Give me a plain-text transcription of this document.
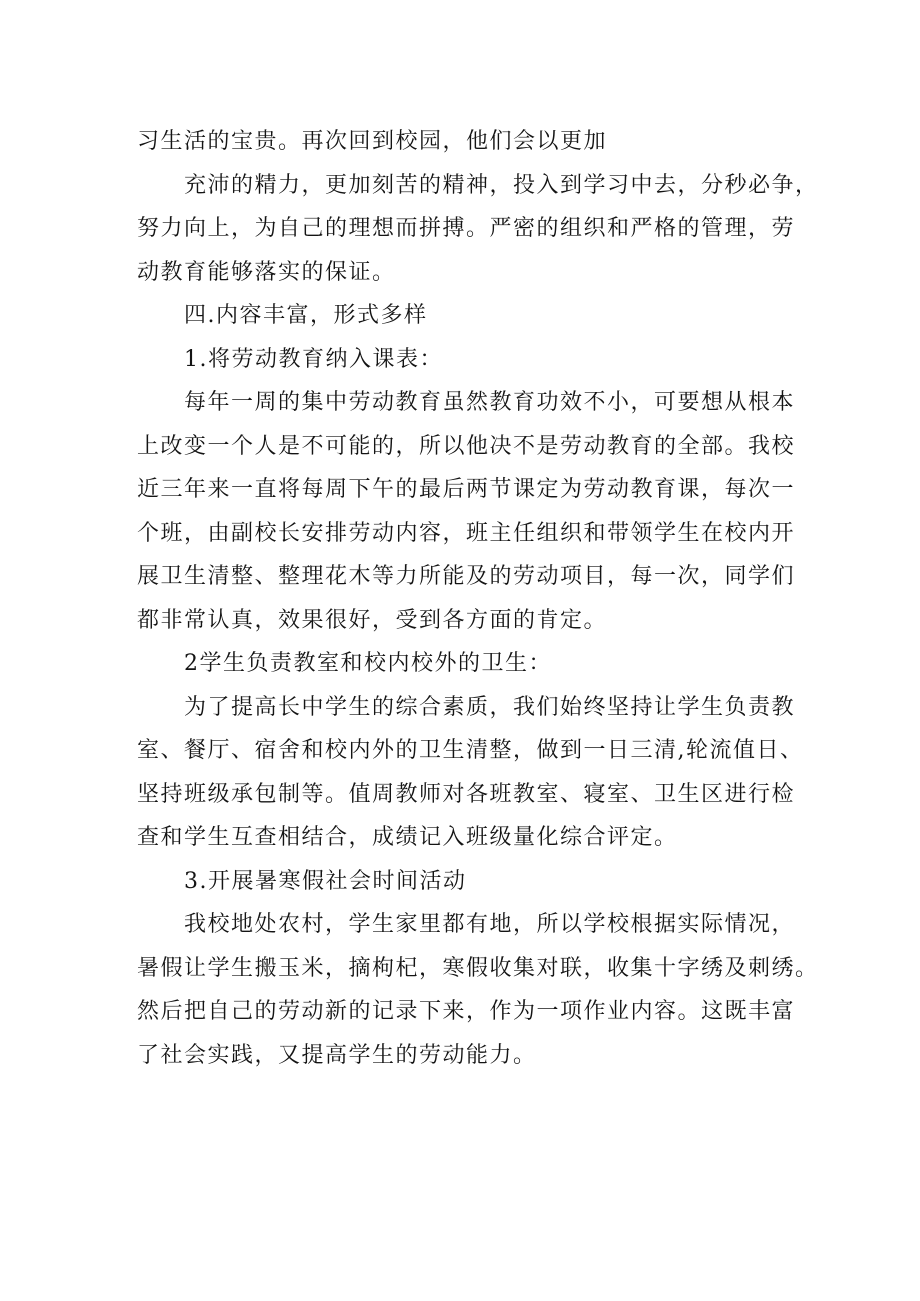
习生活的宝贵。再次回到校园，他们会以更加
充沛的精力，更加刻苦的精神，投入到学习中去，分秒必争，
努力向上，为自己的理想而拼搏。严密的组织和严格的管理，劳
动教育能够落实的保证。
四.内容丰富，形式多样
1.将劳动教育纳入课表：
每年一周的集中劳动教育虽然教育功效不小，可要想从根本
上改变一个人是不可能的，所以他决不是劳动教育的全部。我校
近三年来一直将每周下午的最后两节课定为劳动教育课，每次一
个班，由副校长安排劳动内容，班主任组织和带领学生在校内开
展卫生清整、整理花木等力所能及的劳动项目，每一次，同学们
都非常认真，效果很好，受到各方面的肯定。
2学生负责教室和校内校外的卫生：
为了提高长中学生的综合素质，我们始终坚持让学生负责教
室、餐厅、宿舍和校内外的卫生清整，做到一日三清,轮流值日、
坚持班级承包制等。值周教师对各班教室、寝室、卫生区进行检
查和学生互查相结合，成绩记入班级量化综合评定。
3.开展暑寒假社会时间活动
我校地处农村，学生家里都有地，所以学校根据实际情况，
暑假让学生搬玉米，摘枸杞，寒假收集对联，收集十字绣及刺绣。
然后把自己的劳动新的记录下来，作为一项作业内容。这既丰富
了社会实践，又提高学生的劳动能力。
